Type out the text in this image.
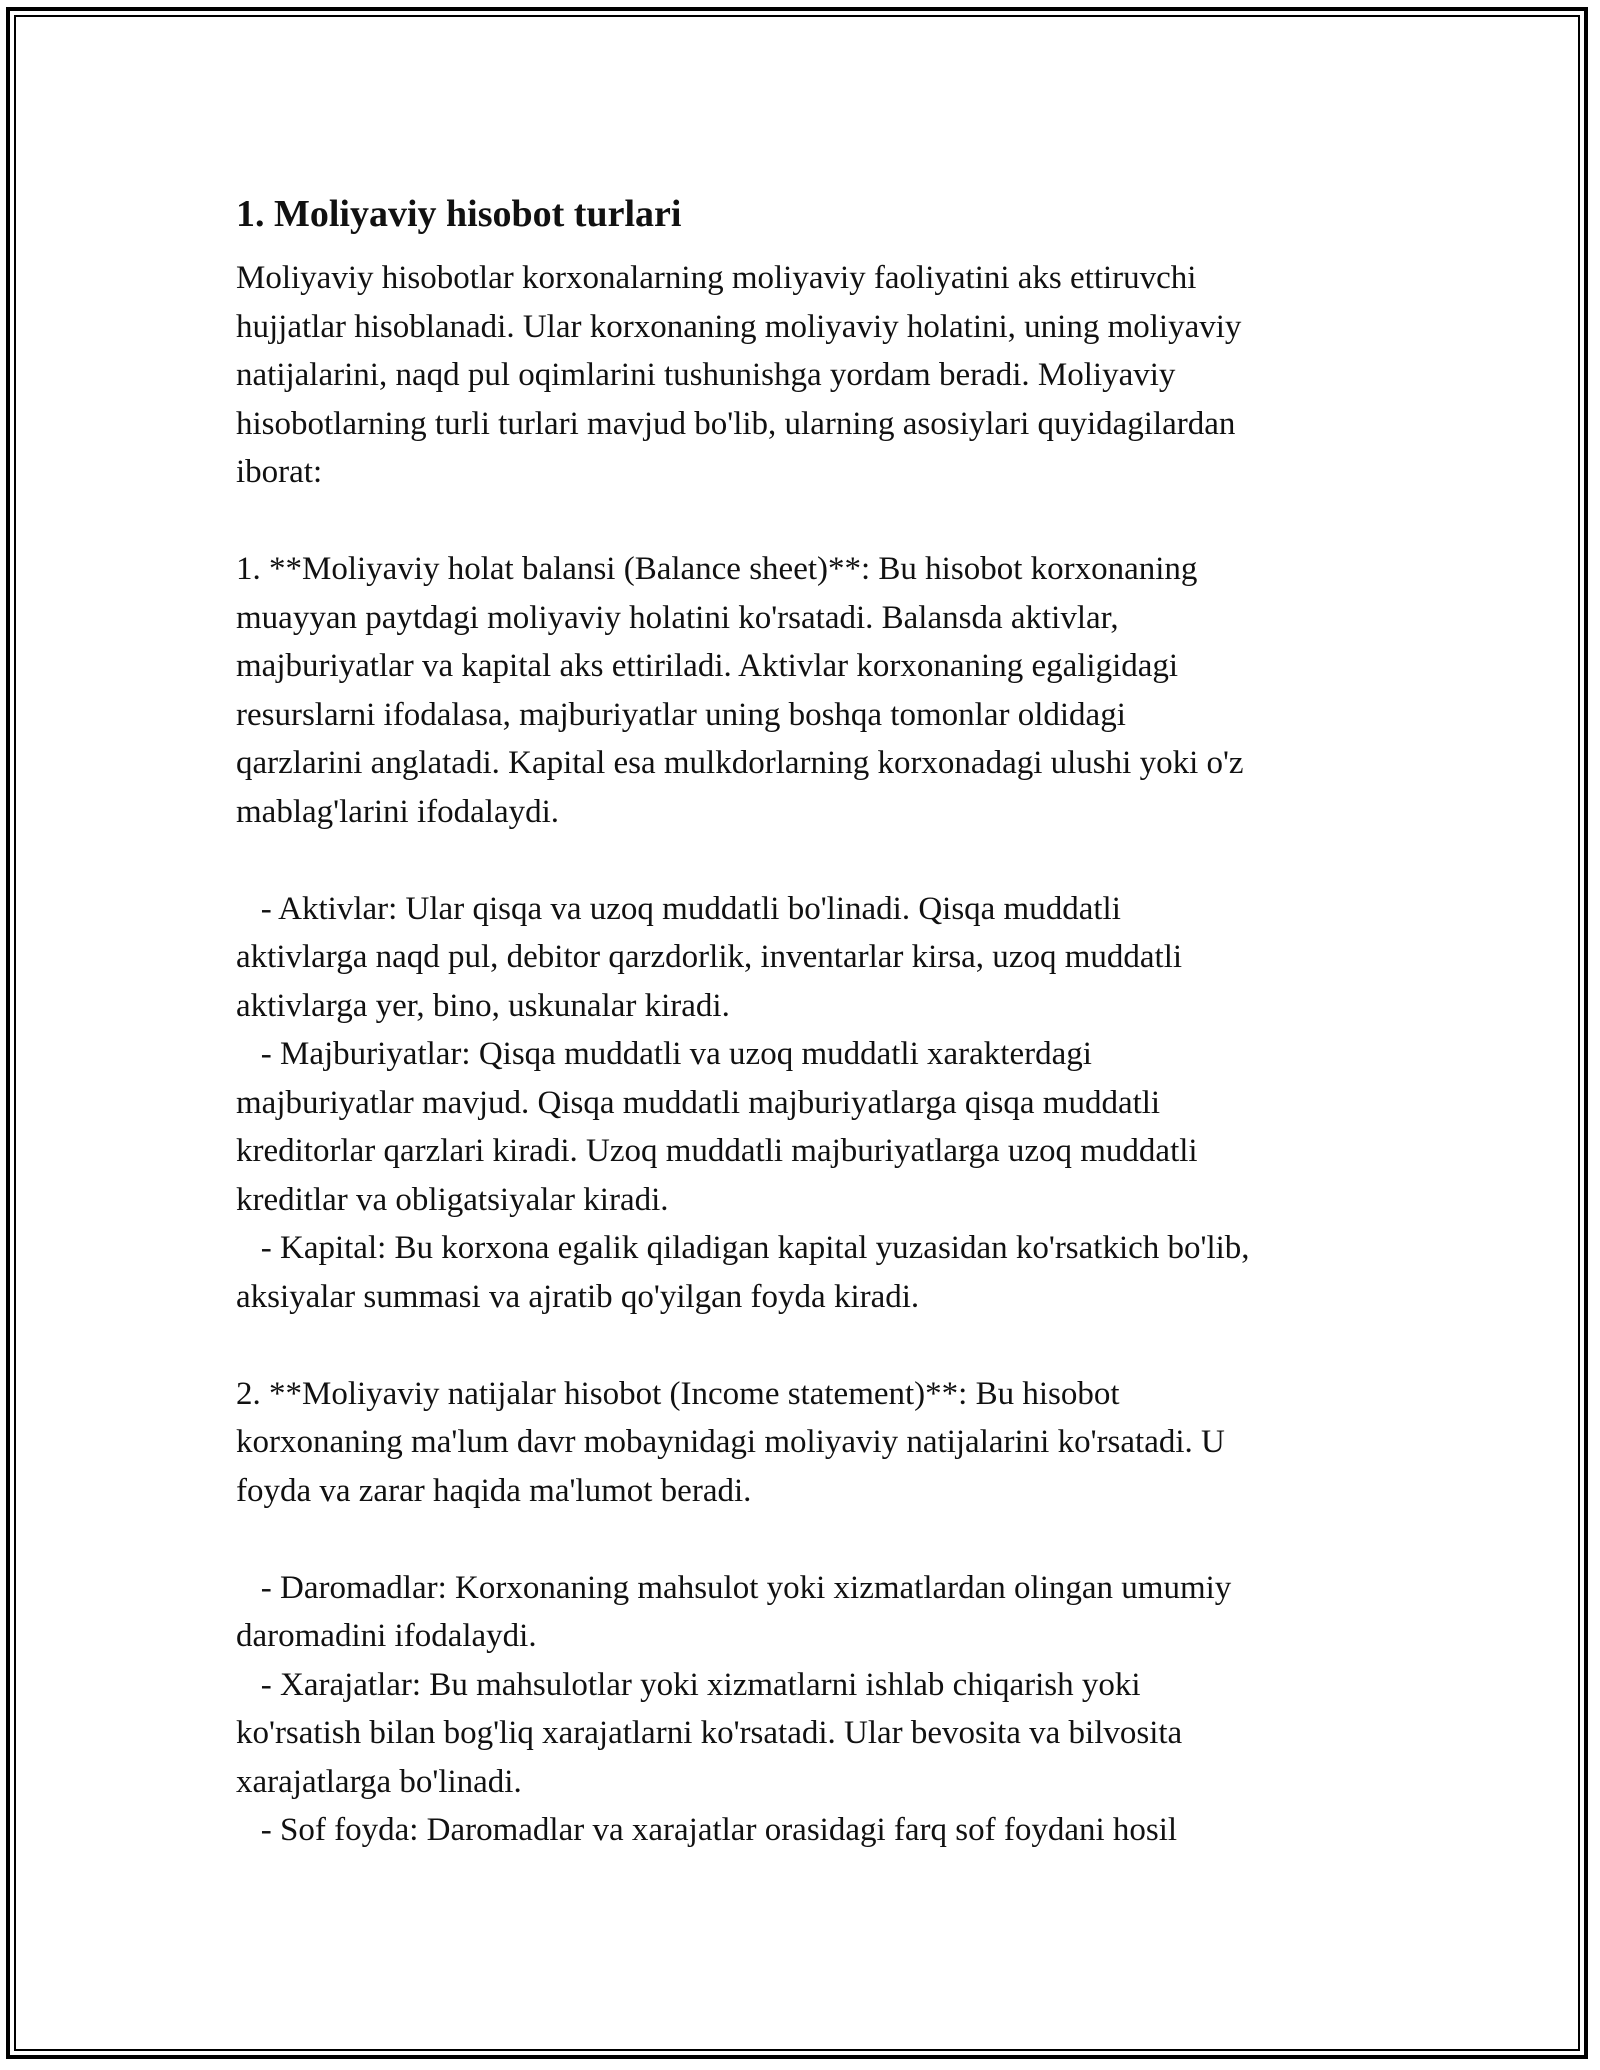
1. Moliyaviy hisobot turlari

Moliyaviy hisobotlar korxonalarning moliyaviy faoliyatini aks ettiruvchi
hujjatlar hisoblanadi. Ular korxonaning moliyaviy holatini, uning moliyaviy
natijalarini, naqd pul oqimlarini tushunishga yordam beradi. Moliyaviy
hisobotlarning turli turlari mavjud bo'lib, ularning asosiylari quyidagilardan
iborat:

1. **Moliyaviy holat balansi (Balance sheet)**: Bu hisobot korxonaning
muayyan paytdagi moliyaviy holatini ko'rsatadi. Balansda aktivlar,
majburiyatlar va kapital aks ettiriladi. Aktivlar korxonaning egaligidagi
resurslarni ifodalasa, majburiyatlar uning boshqa tomonlar oldidagi
qarzlarini anglatadi. Kapital esa mulkdorlarning korxonadagi ulushi yoki o'z
mablag'larini ifodalaydi.

- Aktivlar: Ular qisqa va uzoq muddatli bo'linadi. Qisqa muddatli
aktivlarga naqd pul, debitor qarzdorlik, inventarlar kirsa, uzoq muddatli
aktivlarga yer, bino, uskunalar kiradi.
- Majburiyatlar: Qisqa muddatli va uzoq muddatli xarakterdagi
majburiyatlar mavjud. Qisqa muddatli majburiyatlarga qisqa muddatli
kreditorlar qarzlari kiradi. Uzoq muddatli majburiyatlarga uzoq muddatli
kreditlar va obligatsiyalar kiradi.
- Kapital: Bu korxona egalik qiladigan kapital yuzasidan ko'rsatkich bo'lib,
aksiyalar summasi va ajratib qo'yilgan foyda kiradi.

2. **Moliyaviy natijalar hisobot (Income statement)**: Bu hisobot
korxonaning ma'lum davr mobaynidagi moliyaviy natijalarini ko'rsatadi. U
foyda va zarar haqida ma'lumot beradi.

- Daromadlar: Korxonaning mahsulot yoki xizmatlardan olingan umumiy
daromadini ifodalaydi.
- Xarajatlar: Bu mahsulotlar yoki xizmatlarni ishlab chiqarish yoki
ko'rsatish bilan bog'liq xarajatlarni ko'rsatadi. Ular bevosita va bilvosita
xarajatlarga bo'linadi.
- Sof foyda: Daromadlar va xarajatlar orasidagi farq sof foydani hosil
